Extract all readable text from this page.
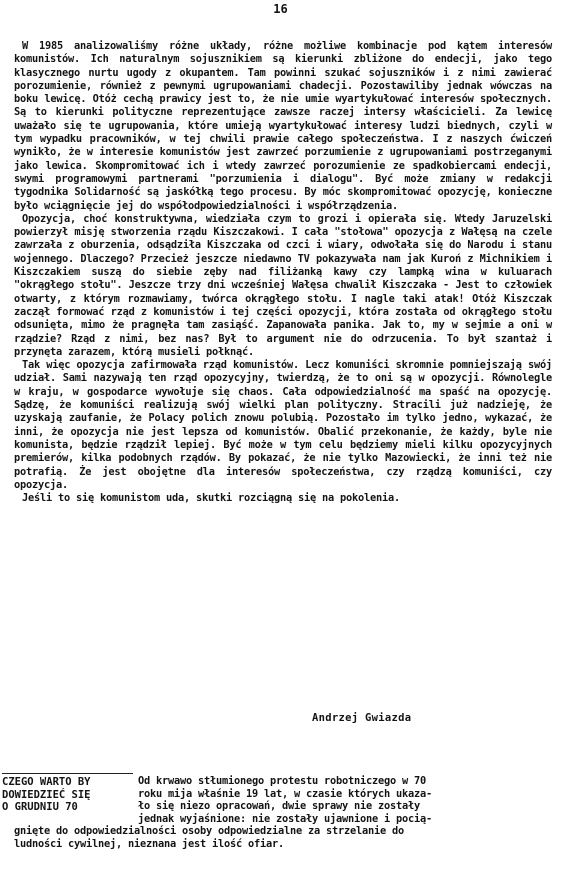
16

W 1985 analizowaliśmy różne układy, różne możliwe kombinacje pod kątem interesów komunistów. Ich naturalnym sojusznikiem są kierunki zbliżone do endecji, jako tego klasycznego nurtu ugody z okupantem. Tam powinni szukać sojuszników i z nimi zawierać porozumienie, również z pewnymi ugrupowaniami chadecji. Pozostawiliby jednak wówczas na boku lewicę. Otóż cechą prawicy jest to, że nie umie wyartykułować interesów społecznych. Są to kierunki polityczne reprezentujące zawsze raczej intersy właścicieli. Za lewicę uważało się te ugrupowania, które umieją wyartykułować interesy ludzi biednych, czyli w tym wypadku pracowników, w tej chwili prawie całego społeczeństwa. I z naszych ćwiczeń wynikło, że w interesie komunistów jest zawrzeć porzumienie z ugrupowaniami postrzeganymi jako lewica. Skompromitować ich i wtedy zawrzeć porozumienie ze spadkobiercami endecji, swymi programowymi partnerami "porzumienia i dialogu". Być może zmiany w redakcji tygodnika Solidarność są jaskółką tego procesu. By móc skompromitować opozycję, konieczne było wciągnięcie jej do współodpowiedzialności i współrządzenia.

Opozycja, choć konstruktywna, wiedziała czym to grozi i opierała się. Wtedy Jaruzelski powierzył misję stworzenia rządu Kiszczakowi. I cała "stołowa" opozycja z Wałęsą na czele zawrzała z oburzenia, odsądziła Kiszczaka od czci i wiary, odwołała się do Narodu i stanu wojennego. Dlaczego? Przecież jeszcze niedawno TV pokazywała nam jak Kuroń z Michnikiem i Kiszczakiem suszą do siebie zęby nad filiżanką kawy czy lampką wina w kuluarach "okrągłego stołu". Jeszcze trzy dni wcześniej Wałęsa chwalił Kiszczaka - Jest to człowiek otwarty, z którym rozmawiamy, twórca okrągłego stołu. I nagle taki atak! Otóż Kiszczak zaczął formować rząd z komunistów i tej części opozycji, która została od okrągłego stołu odsunięta, mimo że pragnęła tam zasiąść. Zapanowała panika. Jak to, my w sejmie a oni w rządzie? Rząd z nimi, bez nas? Był to argument nie do odrzucenia. To był szantaż i przynęta zarazem, którą musieli połknąć.

Tak więc opozycja zafirmowała rząd komunistów. Lecz komuniści skromnie pomniejszają swój udział. Sami nazywają ten rząd opozycyjny, twierdzą, że to oni są w opozycji. Równolegle w kraju, w gospodarce wywołuje się chaos. Cała odpowiedzialność ma spaść na opozycję. Sądzę, że komuniści realizują swój wielki plan polityczny. Stracili już nadzieję, że uzyskają zaufanie, że Polacy polich znowu polubią. Pozostało im tylko jedno, wykazać, że inni, że opozycja nie jest lepsza od komunistów. Obalić przekonanie, że każdy, byle nie komunista, będzie rządził lepiej. Być może w tym celu będziemy mieli kilku opozycyjnych premierów, kilka podobnych rządów. By pokazać, że nie tylko Mazowiecki, że inni też nie potrafią. Że jest obojętne dla interesów społeczeństwa, czy rządzą komuniści, czy opozycja.

Jeśli to się komunistom uda, skutki rozciągną się na pokolenia.

Andrzej Gwiazda
CZEGO WARTO BY
DOWIEDZIEĆ SIĘ
O GRUDNIU 70
Od krwawo stłumionego protestu robotniczego w 70
roku mija właśnie 19 lat, w czasie których ukaza-
ło się niezo opracowań, dwie sprawy nie zostały
jednak wyjaśnione: nie zostały ujawnione i pocią-
gnięte do odpowiedzialności osoby odpowiedzialne za strzelanie do
ludności cywilnej, nieznana jest ilość ofiar.
